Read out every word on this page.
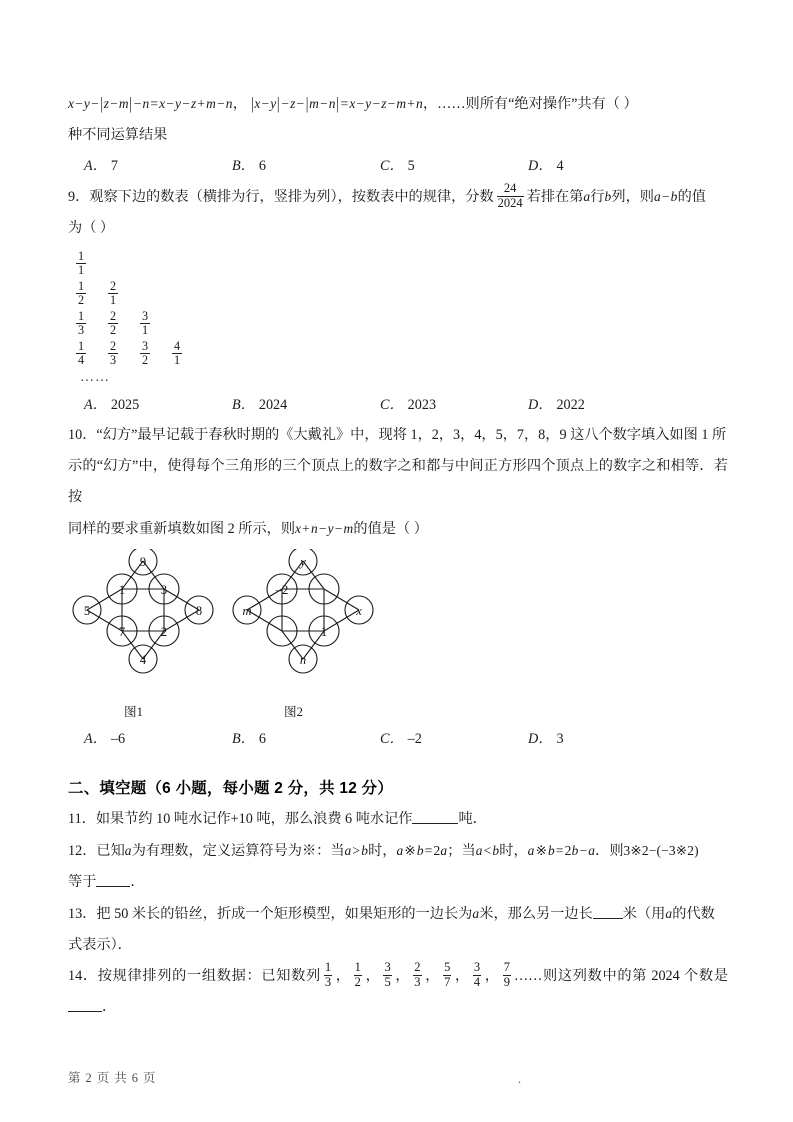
x−y− |z−m| −n=x−y−z+m−n， |x−y| −z− |m−n| =x−y−z−m+n，……则所有“绝对操作”共有（ ）
种不同运算结果
A． 7	B． 6	C． 5	D． 4
9．观察下边的数表（横排为行，竖排为列），按数表中的规律，分数 $\frac{24}{2024}$ 若排在第a行b列，则a−b的值
为（ ）
$\frac{1}{1}$
$\frac{1}{2} \frac{2}{1}$
$\frac{1}{3} \frac{2}{2} \frac{3}{1}$
$\frac{1}{4} \frac{2}{3} \frac{3}{2} \frac{4}{1}$
……
A． 2025	B． 2024	C． 2023	D． 2022
10．“幻方”最早记载于春秋时期的《大戴礼》中，现将 1，2，3，4，5，7，8，9 这八个数字填入如图 1 所
示的“幻方”中，使得每个三角形的三个顶点上的数字之和都与中间正方形四个顶点上的数字之和相等．若按
同样的要求重新填数如图 2 所示，则x+n−y−m的值是（ ）
9
5	8
4
1	3
7	2
y
m	x
n
–2
1
图1	图2
A． –6	B． 6	C． –2	D． 3
二、填空题（6 小题，每小题 2 分，共 12 分）
11．如果节约 10 吨水记作+10 吨，那么浪费 6 吨水记作	吨．
12．已知a为有理数，定义运算符号为※：当a>b时，a※b=2a；当a<b时，a※b=2b−a．则3※2−(−3※2)
等于 ．
13．把 50 米长的铅丝，折成一个矩形模型，如果矩形的一边长为a米，那么另一边长 米（用a的代数
式表示）．
14．按规律排列的一组数据：已知数列 $\frac{1}{3}$ ， $\frac{1}{2}$ ， $\frac{3}{5}$ ， $\frac{2}{3}$ ， $\frac{5}{7}$ ， $\frac{3}{4}$ ， $\frac{7}{9}$ ……则这列数中的第 2024 个数是．
第 2 页 共 6 页	.
